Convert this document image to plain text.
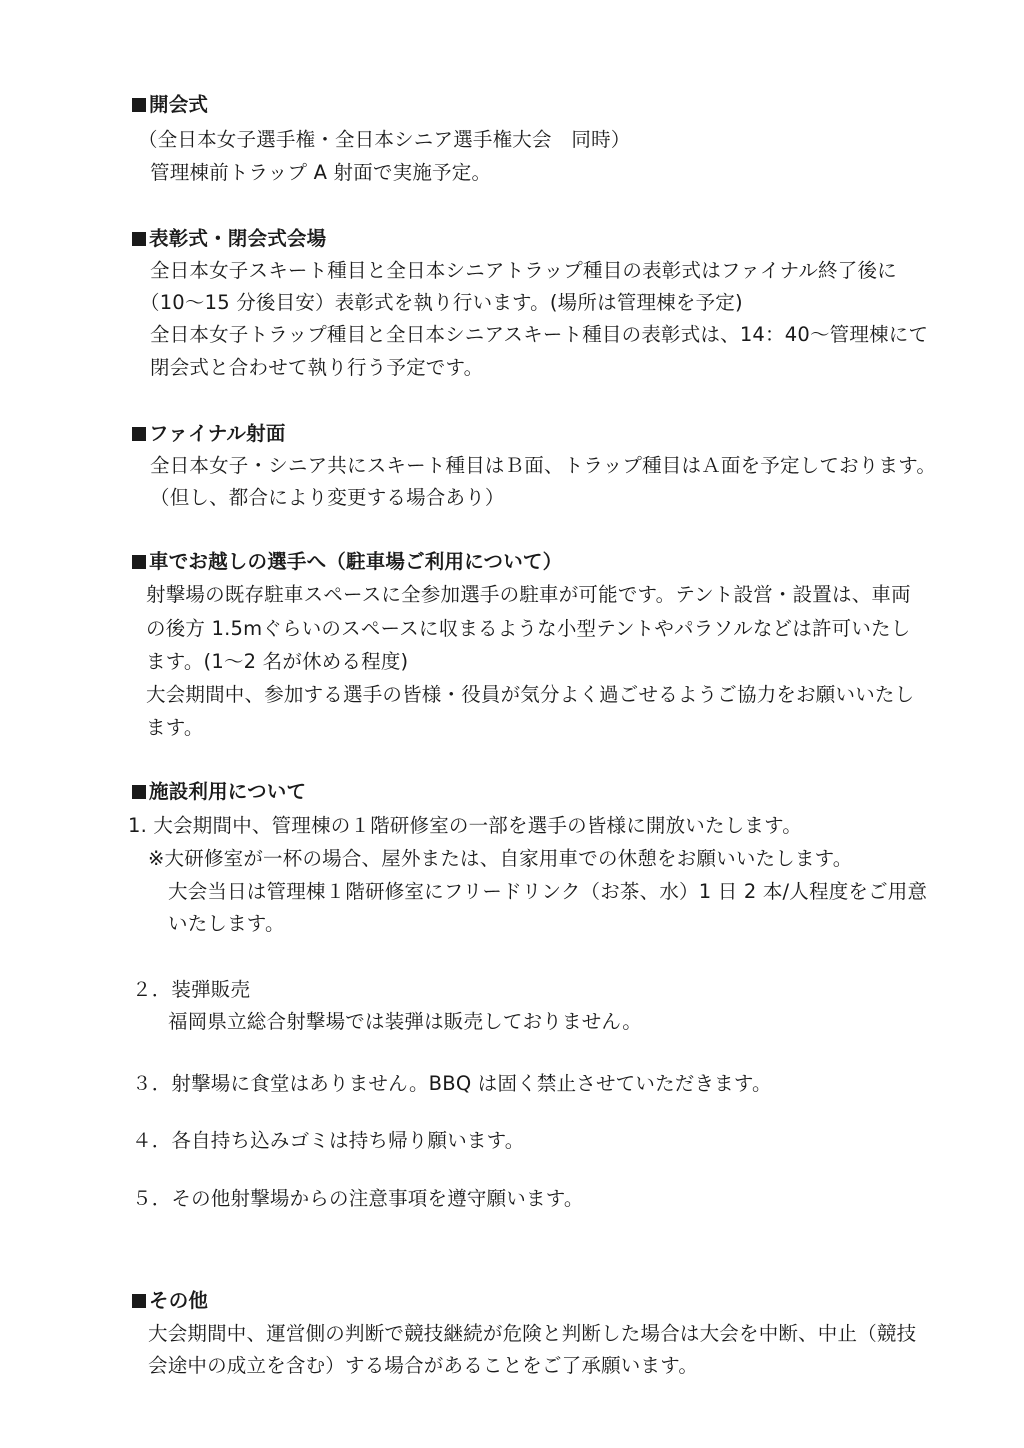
開会式
（全日本女子選手権・全日本シニア選手権大会　同時）
管理棟前トラップ A 射面で実施予定。
表彰式・閉会式会場
全日本女子スキート種目と全日本シニアトラップ種目の表彰式はファイナル終了後に
（10～15 分後目安）表彰式を執り行います。(場所は管理棟を予定)
全日本女子トラップ種目と全日本シニアスキート種目の表彰式は、14：40～管理棟にて
閉会式と合わせて執り行う予定です。
ファイナル射面
全日本女子・シニア共にスキート種目はＢ面、トラップ種目はＡ面を予定しております。
（但し、都合により変更する場合あり）
車でお越しの選手へ（駐車場ご利用について）
射撃場の既存駐車スペースに全参加選手の駐車が可能です。テント設営・設置は、車両
の後方 1.5mぐらいのスペースに収まるような小型テントやパラソルなどは許可いたし
ます。(1～2 名が休める程度)
大会期間中、参加する選手の皆様・役員が気分よく過ごせるようご協力をお願いいたし
ます。
施設利用について
1. 大会期間中、管理棟の１階研修室の一部を選手の皆様に開放いたします。
※大研修室が一杯の場合、屋外または、自家用車での休憩をお願いいたします。
大会当日は管理棟１階研修室にフリードリンク（お茶、水）1 日 2 本/人程度をご用意
いたします。
２．装弾販売
福岡県立総合射撃場では装弾は販売しておりません。
３．射撃場に食堂はありません。BBQ は固く禁止させていただきます。
４．各自持ち込みゴミは持ち帰り願います。
５．その他射撃場からの注意事項を遵守願います。
その他
大会期間中、運営側の判断で競技継続が危険と判断した場合は大会を中断、中止（競技
会途中の成立を含む）する場合があることをご了承願います。
